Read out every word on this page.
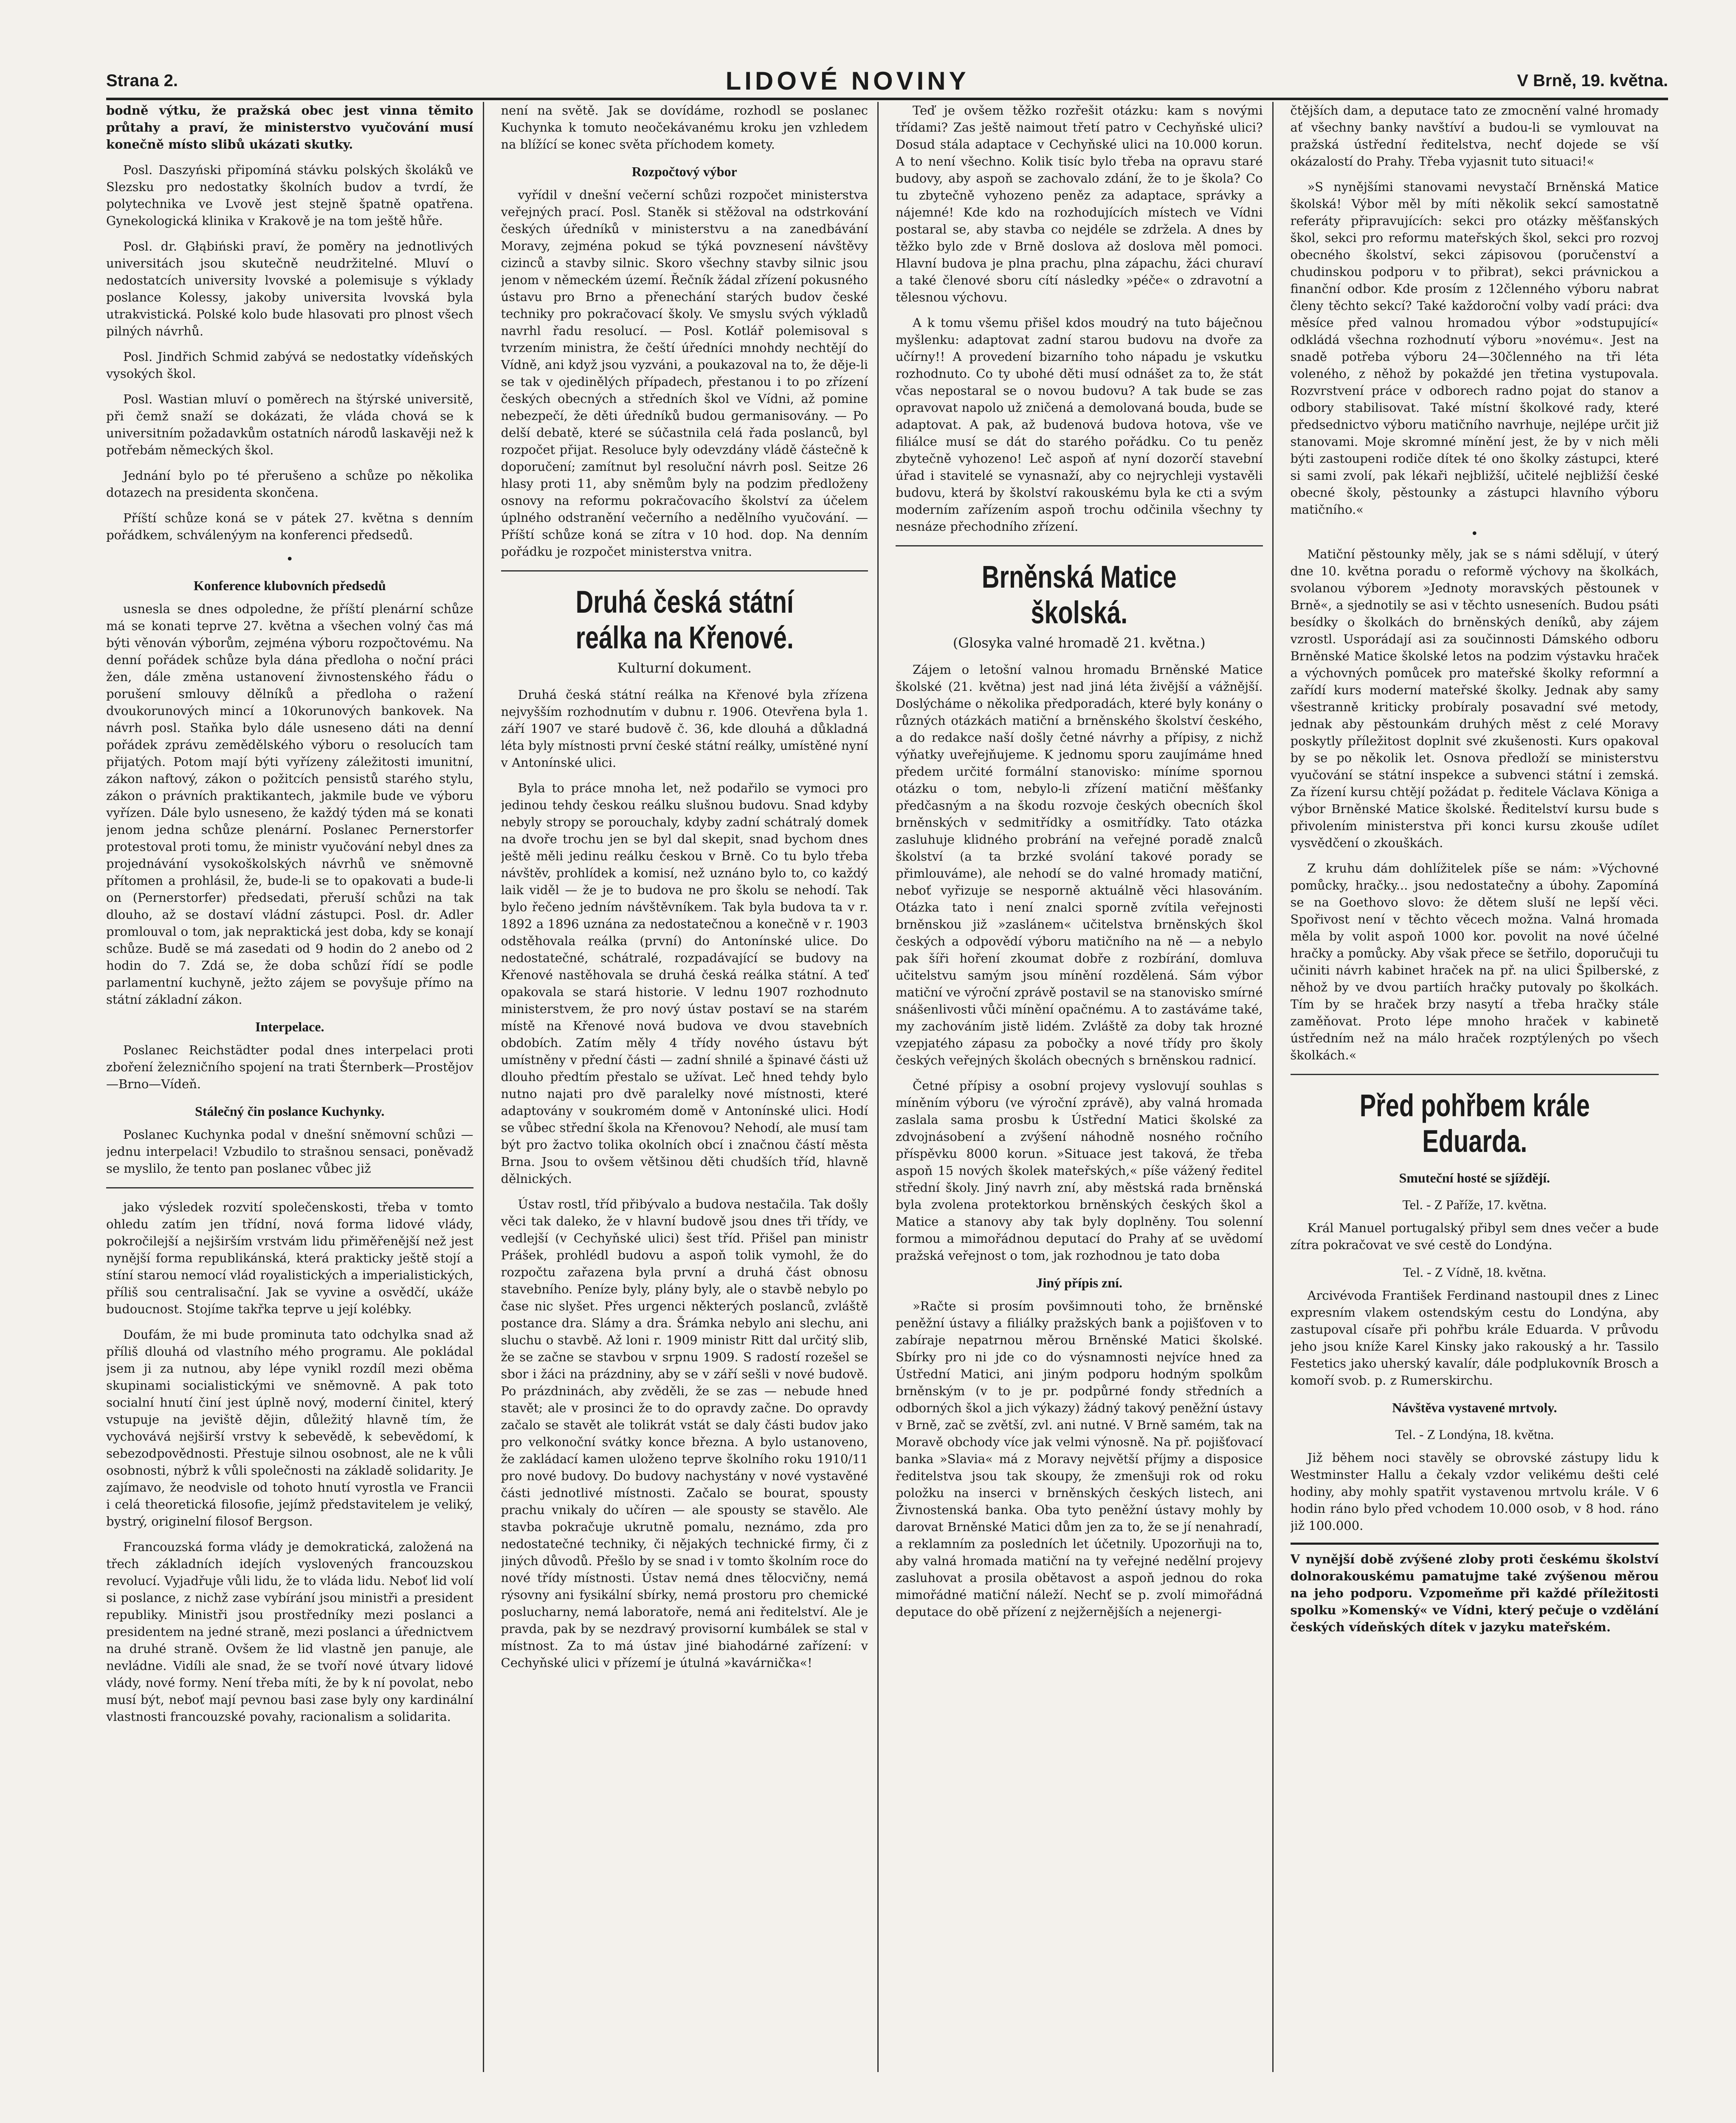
Strana 2.	LIDOVÉ NOVINY	V Brně, 19. května.

bodně výtku, že pražská obec jest vinna těmito průtahy a praví, že ministerstvo vyučování musí konečně místo slibů ukázati skutky.

Posl. Daszyński připomíná stávku polských školáků ve Slezsku pro nedostatky školních budov a tvrdí, že polytechnika ve Lvově jest stejně špatně opatřena. Gynekologická klinika v Krakově je na tom ještě hůře.

Posl. dr. Głąbiński praví, že poměry na jednotlivých universitách jsou skutečně neudržitelné. Mluví o nedostatcích university lvovské a polemisuje s výklady poslance Kolessy, jakoby universita lvovská byla utrakvistická. Polské kolo bude hlasovati pro plnost všech pilných návrhů.

Posl. Jindřich Schmid zabývá se nedostatky vídeňských vysokých škol.

Posl. Wastian mluví o poměrech na štýrské universitě, při čemž snaží se dokázati, že vláda chová se k universitním požadavkům ostatních národů laskavěji než k potřebám německých škol.

Jednání bylo po té přerušeno a schůze po několika dotazech na presidenta skončena.

Příští schůze koná se v pátek 27. května s denním pořádkem, schválenýym na konferenci předsedů.

•
Konference klubovních předsedů

usnesla se dnes odpoledne, že příští plenární schůze má se konati teprve 27. května a všechen volný čas má býti věnován výborům, zejména výboru rozpočtovému. Na denní pořádek schůze byla dána předloha o noční práci žen, dále změna ustanovení živnostenského řádu o porušení smlouvy dělníků a předloha o ražení dvoukorunových mincí a 10korunových bankovek. Na návrh posl. Staňka bylo dále usneseno dáti na denní pořádek zprávu zemědělského výboru o resolucích tam přijatých. Potom mají býti vyřízeny záležitosti imunitní, zákon naftový, zákon o požitcích pensistů starého stylu, zákon o právních praktikantech, jakmile bude ve výboru vyřízen. Dále bylo usneseno, že každý týden má se konati jenom jedna schůze plenární. Poslanec Pernerstorfer protestoval proti tomu, že ministr vyučování nebyl dnes za projednávání vysokoškolských návrhů ve sněmovně přítomen a prohlásil, že, bude-li se to opakovati a bude-li on (Pernerstorfer) předsedati, přeruší schůzi na tak dlouho, až se dostaví vládní zástupci. Posl. dr. Adler promlouval o tom, jak nepraktická jest doba, kdy se konají schůze. Budě se má zasedati od 9 hodin do 2 anebo od 2 hodin do 7. Zdá se, že doba schůzí řídí se podle parlamentní kuchyně, ježto zájem se povyšuje přímo na státní základní zákon.

Interpelace.

Poslanec Reichstädter podal dnes interpelaci proti zboření železničního spojení na trati Šternberk—Prostějov—Brno—Vídeň.

Stálečný čin poslance Kuchynky.

Poslanec Kuchynka podal v dnešní sněmovní schůzi — jednu interpelaci! Vzbudilo to strašnou sensaci, poněvadž se myslilo, že tento pan poslanec vůbec již

jako výsledek rozvití společenskosti, třeba v tomto ohledu zatím jen třídní, nová forma lidové vlády, pokročilejší a nejširším vrstvám lidu přiměřenější než jest nynější forma republikánská, která prakticky ještě stojí a stíní starou nemocí vlád royalistických a imperialistických, příliš sou centralisační. Jak se vyvine a osvědčí, ukáže budoucnost. Stojíme takřka teprve u její kolébky.

Doufám, že mi bude prominuta tato odchylka snad až příliš dlouhá od vlastního mého programu. Ale pokládal jsem ji za nutnou, aby lépe vynikl rozdíl mezi oběma skupinami socialistickými ve sněmovně. A pak toto socialní hnutí činí jest úplně nový, moderní činitel, který vstupuje na jeviště dějin, důležitý hlavně tím, že vychovává nejširší vrstvy k sebevědě, k sebevědomí, k sebezodpovědnosti. Přestuje silnou osobnost, ale ne k vůli osobnosti, nýbrž k vůli společnosti na základě solidarity. Je zajímavo, že neodvisle od tohoto hnutí vyrostla ve Francii i celá theoretická filosofie, jejímž představitelem je veliký, bystrý, originelní filosof Bergson.

Francouzská forma vlády je demokratická, založená na třech základních idejích vyslovených francouzskou revolucí. Vyjadřuje vůli lidu, že to vláda lidu. Neboť lid volí si poslance, z nichž zase vybírání jsou ministři a president republiky. Ministři jsou prostředníky mezi poslanci a presidentem na jedné straně, mezi poslanci a úřednictvem na druhé straně. Ovšem že lid vlastně jen panuje, ale nevládne. Vidíli ale snad, že se tvoří nové útvary lidové vlády, nové formy. Není třeba míti, že by k ní povolat, nebo musí být, neboť mají pevnou basi zase byly ony kardinální vlastnosti francouzské povahy, racionalism a solidarita.

není na světě. Jak se dovídáme, rozhodl se poslanec Kuchynka k tomuto neočekávanému kroku jen vzhledem na blížící se konec světa příchodem komety.

Rozpočtový výbor

vyřídil v dnešní večerní schůzi rozpočet ministerstva veřejných prací. Posl. Staněk si stěžoval na odstrkování českých úředníků v ministerstvu a na zanedbávání Moravy, zejména pokud se týká povznesení návštěvy cizinců a stavby silnic. Skoro všechny stavby silnic jsou jenom v německém území. Řečník žádal zřízení pokusného ústavu pro Brno a přenechání starých budov české techniky pro pokračovací školy. Ve smyslu svých výkladů navrhl řadu resolucí. — Posl. Kotlář polemisoval s tvrzením ministra, že čeští úředníci mnohdy nechtějí do Vídně, ani když jsou vyzváni, a poukazoval na to, že děje-li se tak v ojedinělých případech, přestanou i to po zřízení českých obecných a středních škol ve Vídni, až pomine nebezpečí, že děti úředníků budou germanisovány. — Po delší debatě, které se súčastnila celá řada poslanců, byl rozpočet přijat. Resoluce byly odevzdány vládě částečně k doporučení; zamítnut byl resoluční návrh posl. Seitze 26 hlasy proti 11, aby sněmům byly na podzim předloženy osnovy na reformu pokračovacího školství za účelem úplného odstranění večerního a nedělního vyučování. — Příští schůze koná se zítra v 10 hod. dop. Na denním pořádku je rozpočet ministerstva vnitra.

Druhá česká státní reálka na Křenové.
Kulturní dokument.

Druhá česká státní reálka na Křenové byla zřízena nejvyšším rozhodnutím v dubnu r. 1906. Otevřena byla 1. září 1907 ve staré budově č. 36, kde dlouhá a důkladná léta byly místnosti první české státní reálky, umístěné nyní v Antonínské ulici.

Byla to práce mnoha let, než podařilo se vymoci pro jedinou tehdy českou reálku slušnou budovu. Snad kdyby nebyly stropy se porouchaly, kdyby zadní schátralý domek na dvoře trochu jen se byl dal skepit, snad bychom dnes ještě měli jedinu reálku českou v Brně. Co tu bylo třeba návštěv, prohlídek a komisí, než uznáno bylo to, co každý laik viděl — že je to budova ne pro školu se nehodí. Tak bylo řečeno jedním návštěvníkem. Tak byla budova ta v r. 1892 a 1896 uznána za nedostatečnou a konečně v r. 1903 odstěhovala reálka (první) do Antonínské ulice. Do nedostatečné, schátralé, rozpadávající se budovy na Křenové nastěhovala se druhá česká reálka státní. A teď opakovala se stará historie. V lednu 1907 rozhodnuto ministerstvem, že pro nový ústav postaví se na starém místě na Křenové nová budova ve dvou stavebních obdobích. Zatím měly 4 třídy nového ústavu být umístněny v přední části — zadní shnilé a špinavé části už dlouho předtím přestalo se užívat. Leč hned tehdy bylo nutno najati pro dvě paralelky nové místnosti, které adaptovány v soukromém domě v Antonínské ulici. Hodí se vůbec střední škola na Křenovou? Nehodí, ale musí tam být pro žactvo tolika okolních obcí i značnou částí města Brna. Jsou to ovšem většinou děti chudších tříd, hlavně dělnických.

Ústav rostl, tříd přibývalo a budova nestačila. Tak došly věci tak daleko, že v hlavní budově jsou dnes tři třídy, ve vedlejší (v Cechyňské ulici) šest tříd. Přišel pan ministr Prášek, prohlédl budovu a aspoň tolik vymohl, že do rozpočtu zařazena byla první a druhá část obnosu stavebního. Peníze byly, plány byly, ale o stavbě nebylo po čase nic slyšet. Přes urgenci některých poslanců, zvláště postance dra. Slámy a dra. Šrámka nebylo ani slechu, ani sluchu o stavbě. Až loni r. 1909 ministr Ritt dal určitý slib, že se začne se stavbou v srpnu 1909. S radostí rozešel se sbor i žáci na prázdniny, aby se v září sešli v nové budově. Po prázdninách, aby zvěděli, že se zas — nebude hned stavět; ale v prosinci že to do opravdy začne. Do opravdy začalo se stavět ale tolikrát vstát se daly části budov jako pro velkonoční svátky konce března. A bylo ustanoveno, že zakládací kamen uloženo teprve školního roku 1910/11 pro nové budovy. Do budovy nachystány v nové vystavěné části jednotlivé místnosti. Začalo se bourat, spousty prachu vnikaly do učíren — ale spousty se stavělo. Ale stavba pokračuje ukrutně pomalu, neznámo, zda pro nedostatečné techniky, či nějakých technické firmy, či z jiných důvodů. Přešlo by se snad i v tomto školním roce do nové třídy místnosti. Ústav nemá dnes tělocvičny, nemá rýsovny ani fysikální sbírky, nemá prostoru pro chemické poslucharny, nemá laboratoře, nemá ani ředitelství. Ale je pravda, pak by se nezdravý provisorní kumbálek se stal v místnost. Za to má ústav jiné biahodárné zařízení: v Cechyňské ulici v přízemí je útulná »kavárnička«!

Teď je ovšem těžko rozřešit otázku: kam s novými třídami? Zas ještě naimout třetí patro v Cechyňské ulici? Dosud stála adaptace v Cechyňské ulici na 10.000 korun. A to není všechno. Kolik tisíc bylo třeba na opravu staré budovy, aby aspoň se zachovalo zdání, že to je škola? Co tu zbytečně vyhozeno peněz za adaptace, správky a nájemné! Kde kdo na rozhodujících místech ve Vídni postaral se, aby stavba co nejdéle se zdržela. A dnes by těžko bylo zde v Brně doslova až doslova měl pomoci. Hlavní budova je plna prachu, plna zápachu, žáci churaví a také členové sboru cítí následky »péče« o zdravotní a tělesnou výchovu.

A k tomu všemu přišel kdos moudrý na tuto báječnou myšlenku: adaptovat zadní starou budovu na dvoře za učírny!! A provedení bizarního toho nápadu je vskutku rozhodnuto. Co ty ubohé děti musí odnášet za to, že stát včas nepostaral se o novou budovu? A tak bude se zas opravovat napolo už zničená a demolovaná bouda, bude se adaptovat. A pak, až budenová budova hotova, vše ve filiálce musí se dát do starého pořádku. Co tu peněz zbytečně vyhozeno! Leč aspoň ať nyní dozorčí stavební úřad i stavitelé se vynasnaží, aby co nejrychleji vystavěli budovu, která by školství rakouskému byla ke cti a svým moderním zařízením aspoň trochu odčinila všechny ty nesnáze přechodního zřízení.

Brněnská Matice školská.
(Glosyka valné hromadě 21. května.)

Zájem o letošní valnou hromadu Brněnské Matice školské (21. května) jest nad jiná léta živější a vážnější. Doslýcháme o několika předporadách, které byly konány o různých otázkách matiční a brněnského školství českého, a do redakce naší došly četné návrhy a přípisy, z nichž výňatky uveřejňujeme. K jednomu sporu zaujímáme hned předem určité formální stanovisko: míníme spornou otázku o tom, nebylo-li zřízení matiční měšťanky předčasným a na škodu rozvoje českých obecních škol brněnských v sedmitřídky a osmitřídky. Tato otázka zasluhuje klidného probrání na veřejné poradě znalců školství (a ta brzké svolání takové porady se přimlouváme), ale nehodí se do valné hromady matiční, neboť vyřizuje se nesporně aktuálně věci hlasováním. Otázka tato i není znalci sporně zvítila veřejnosti brněnskou již »zaslánem« učitelstva brněnských škol českých a odpovědí výboru matičního na ně — a nebylo pak šíři hoření zkoumat dobře z rozbírání, domluva učitelstvu samým jsou mínění rozdělená. Sám výbor matiční ve výroční zprávě postavil se na stanovisko smírné snášenlivosti vůči mínění opačnému. A to zastáváme také, my zachováním jistě lidém. Zvláště za doby tak hrozné vzepjatého zápasu za pobočky a nové třídy pro školy českých veřejných školách obecných s brněnskou radnicí.

Četné přípisy a osobní projevy vyslovují souhlas s míněním výboru (ve výroční zprávě), aby valná hromada zaslala sama prosbu k Ústřední Matici školské za zdvojnásobení a zvýšení náhodně nosného ročního příspěvku 8000 korun. »Situace jest taková, že třeba aspoň 15 nových školek mateřských,« píše vážený ředitel střední školy. Jiný navrh zní, aby městská rada brněnská byla zvolena protektorkou brněnských českých škol a Matice a stanovy aby tak byly doplněny. Tou solenní formou a mimořádnou deputací do Prahy ať se uvědomí pražská veřejnost o tom, jak rozhodnou je tato doba

Jiný přípis zní.

»Račte si prosím povšimnouti toho, že brněnské peněžní ústavy a filiálky pražských bank a pojišťoven v to zabíraje nepatrnou měrou Brněnské Matici školské. Sbírky pro ni jde co do výsnamnosti nejvíce hned za Ústřední Matici, ani jiným podporu hodným spolkům brněnským (v to je pr. podpůrné fondy středních a odborných škol a jich výkazy) žádný takový peněžní ústavy v Brně, zač se zvětší, zvl. ani nutné. V Brně samém, tak na Moravě obchody více jak velmi výnosně. Na př. pojišťovací banka »Slavia« má z Moravy největší příjmy a disposice ředitelstva jsou tak skoupy, že zmenšuji rok od roku položku na inserci v brněnských českých listech, ani Živnostenská banka. Oba tyto peněžní ústavy mohly by darovat Brněnské Matici dům jen za to, že se jí nenahradí, a reklamním za posledních let účetnily. Upozorňuji na to, aby valná hromada matiční na ty veřejné nedělní projevy zasluhovat a prosila obětavost a aspoň jednou do roka mimořádné matiční náleží. Nechť se p. zvolí mimořádná deputace do obě přízení z nejžernějších a nejenergi-

čtějších dam, a deputace tato ze zmocnění valné hromady ať všechny banky navštíví a budou-li se vymlouvat na pražská ústřední ředitelstva, nechť dojede se vší okázalostí do Prahy. Třeba vyjasnit tuto situaci!«

»S nynějšími stanovami nevystačí Brněnská Matice školská! Výbor měl by míti několik sekcí samostatně referáty připravujících: sekci pro otázky měšťanských škol, sekci pro reformu mateřských škol, sekci pro rozvoj obecného školství, sekci zápisovou (poručenství a chudinskou podporu v to přibrat), sekci právnickou a finanční odbor. Kde prosím z 12členného výboru nabrat členy těchto sekcí? Také každoroční volby vadí práci: dva měsíce před valnou hromadou výbor »odstupující« odkládá všechna rozhodnutí výboru »novému«. Jest na snadě potřeba výboru 24—30členného na tři léta voleného, z něhož by pokaždé jen třetina vystupovala. Rozvrstvení práce v odborech radno pojat do stanov a odbory stabilisovat. Také místní školkové rady, které předsednictvo výboru matičního navrhuje, nejlépe určit již stanovami. Moje skromné mínění jest, že by v nich měli býti zastoupeni rodiče dítek té ono školky zástupci, které si sami zvolí, pak lékaři nejbližší, učitelé nejbližší české obecné školy, pěstounky a zástupci hlavního výboru matičního.«

•

Matiční pěstounky měly, jak se s námi sdělují, v úterý dne 10. května poradu o reformě výchovy na školkách, svolanou výborem »Jednoty moravských pěstounek v Brně«, a sjednotily se asi v těchto usneseních. Budou psáti besídky o školkách do brněnských deníků, aby zájem vzrostl. Usporádají asi za součinnosti Dámského odboru Brněnské Matice školské letos na podzim výstavku hraček a výchovných pomůcek pro mateřské školky reformní a zařídí kurs moderní mateřské školky. Jednak aby samy všestranně kriticky probíraly posavadní své metody, jednak aby pěstounkám druhých měst z celé Moravy poskytly příležitost doplnit své zkušenosti. Kurs opakoval by se po několik let. Osnova předloží se ministerstvu vyučování se státní inspekce a subvenci státní i zemská. Za řízení kursu chtějí požádat p. ředitele Václava Königa a výbor Brněnské Matice školské. Ředitelství kursu bude s přivolením ministerstva při konci kursu zkouše udílet vysvědčení o zkouškách.

Z kruhu dám dohlížitelek píše se nám: »Výchovné pomůcky, hračky... jsou nedostatečny a úbohy. Zapomíná se na Goethovo slovo: že dětem sluší ne lepší věci. Spořivost není v těchto věcech možna. Valná hromada měla by volit aspoň 1000 kor. povolit na nové účelné hračky a pomůcky. Aby však přece se šetřilo, doporučuji tu učiniti návrh kabinet hraček na př. na ulici Špilberské, z něhož by ve dvou partiích hračky putovaly po školkách. Tím by se hraček brzy nasytí a třeba hračky stále zaměňovat. Proto lépe mnoho hraček v kabinetě ústředním než na málo hraček rozptýlených po všech školkách.«

Před pohřbem krále Eduarda.
Smuteční hosté se sjíždějí.
Tel. - Z Paříže, 17. května.

Král Manuel portugalský přibyl sem dnes večer a bude zítra pokračovat ve své cestě do Londýna.

Tel. - Z Vídně, 18. května.

Arcivévoda František Ferdinand nastoupil dnes z Linec expresním vlakem ostendským cestu do Londýna, aby zastupoval císaře při pohřbu krále Eduarda. V průvodu jeho jsou kníže Karel Kinsky jako rakouský a hr. Tassilo Festetics jako uherský kavalír, dále podplukovník Brosch a komoří svob. p. z Rumerskirchu.

Návštěva vystavené mrtvoly.
Tel. - Z Londýna, 18. května.

Již během noci stavěly se obrovské zástupy lidu k Westminster Hallu a čekaly vzdor velikému dešti celé hodiny, aby mohly spatřit vystavenou mrtvolu krále. V 6 hodin ráno bylo před vchodem 10.000 osob, v 8 hod. ráno již 100.000.

V nynější době zvýšené zloby proti českému školství dolnorakouskému pamatujme také zvýšenou měrou na jeho podporu. Vzpomeňme při každé příležitosti spolku »Komenský« ve Vídni, který pečuje o vzdělání českých vídeňských dítek v jazyku mateřském.
